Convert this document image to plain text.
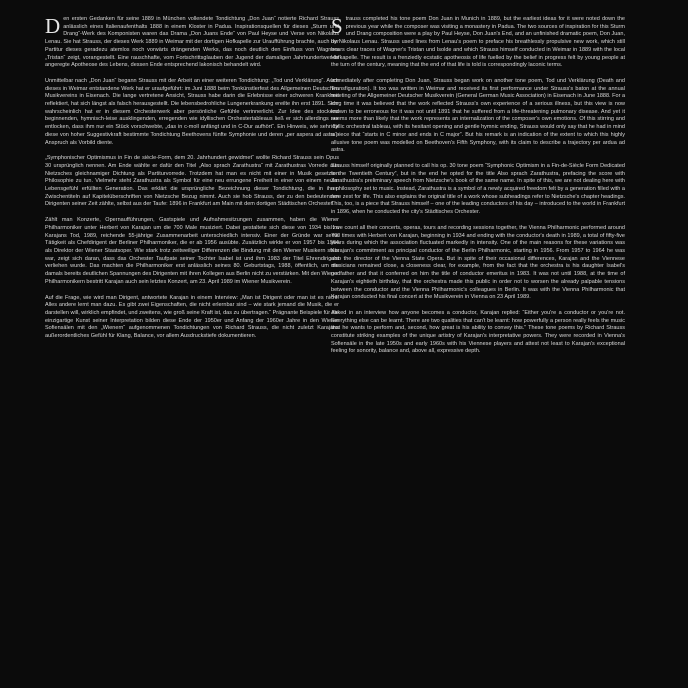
Den ersten Gedanken für seine 1889 in München vollendete Tondichtung „Don Juan“ notierte Richard Strauss anlässlich eines Italienaufenthalts 1888 in einem Kloster in Padua. Inspirationsquellen für dieses „Sturm und Drang“-Werk des Komponisten waren das Drama „Don Juans Ende“ von Paul Heyse und Verse von Nikolaus Lenau. Sie hat Strauss, der dieses Werk 1889 in Weimar mit der dortigen Hofkapelle zur Uraufführung brachte, auch der Partitur dieses geradezu atemlos noch vorwärts drängenden Werks, das noch deutlich den Einfluss von Wagners „Tristan“ zeigt, vorangestellt. Eine rauschhafte, vom Fortschrittsglauben der Jugend der damaligen Jahrhundertwende angeregte Apotheose des Lebens, dessen Ende entsprechend lakonisch behandelt wird.

Unmittelbar nach „Don Juan“ begann Strauss mit der Arbeit an einer weiteren Tondichtung: „Tod und Verklärung“. Auch dieses in Weimar entstandene Werk hat er uraufgeführt: im Juni 1888 beim Tonkünstlerfest des Allgemeinen Deutschen Musikvereins in Eisenach. Die lange vertretene Ansicht, Strauss habe darin die Erlebnisse einer schweren Krankheit reflektiert, hat sich längst als falsch herausgestellt. Die lebensbedrohliche Lungenerkrankung ereilte ihn erst 1891. Sehr wahrscheinlich hat er in diesem Orchesterwerk aber persönliche Gefühle verinnerlicht. Zur Idee des stockend beginnenden, hymnisch-leise ausklingenden, erregenden wie idyllischen Orchestertableaus ließ er sich allerdings nur entlocken, dass ihm nur ein Stück vorschwebte, „das in c-moll anfängt und in C-Dur aufhört“. Ein Hinweis, wie sehr für diese von hoher Suggestivkraft bestimmte Tondichtung Beethovens fünfte Symphonie und deren „per aspera ad astra“-Anspruch als Vorbild diente.

„Symphonischer Optimismus in Fin de siècle-Form, dem 20. Jahrhundert gewidmet“ wollte Richard Strauss sein Opus 30 ursprünglich nennen. Am Ende wählte er dafür den Titel „Also sprach Zarathustra“ mit Zarathustras Vorrede aus Nietzsches gleichnamiger Dichtung als Partiturvorrede. Trotzdem hat man es nicht mit einer in Musik gesetzten Philosophie zu tun. Vielmehr steht Zarathustra als Symbol für eine neu errungene Freiheit in einer von einem neuen Lebensgefühl erfüllten Generation. Das erklärt die ursprüngliche Bezeichnung dieser Tondichtung, die in ihren Zwischentiteln auf Kapitelüberschriften von Nietzsche Bezug nimmt. Auch sie hob Strauss, der zu den bedeutenden Dirigenten seiner Zeit zählte, selbst aus der Taufe: 1896 in Frankfurt am Main mit dem dortigen Städtischen Orchester.

Zählt man Konzerte, Opernaufführungen, Gastspiele und Aufnahmesitzungen zusammen, haben die Wiener Philharmoniker unter Herbert von Karajan um die 700 Male musiziert. Dabei gestaltete sich diese von 1934 bis zu Karajans Tod, 1989, reichende 55-jährige Zusammenarbeit unterschiedlich intensiv. Einer der Gründe war seine Tätigkeit als Chefdirigent der Berliner Philharmoniker, die er ab 1956 ausübte. Zusätzlich wirkte er von 1957 bis 1964 als Direktor der Wiener Staatsoper. Wie stark trotz zeitweiliger Differenzen die Bindung mit den Wiener Musikern stets war, zeigt sich daran, dass das Orchester Taufpate seiner Tochter Isabel ist und ihm 1983 der Titel Ehrendirigent verliehen wurde. Das machten die Philharmoniker erst anlässlich seines 80. Geburtstags, 1988, öffentlich, um die damals bereits deutlichen Spannungen des Dirigenten mit ihren Kollegen aus Berlin nicht zu verstärken. Mit den Wiener Philharmonikern bestritt Karajan auch sein letztes Konzert, am 23. April 1989 im Wiener Musikverein.

Auf die Frage, wie wird man Dirigent, antwortete Karajan in einem Interview: „Man ist Dirigent oder man ist es nicht. Alles andere lernt man dazu. Es gibt zwei Eigenschaften, die nicht erlernbar sind – wie stark jemand die Musik, die er darstellen will, wirklich empfindet, und zweitens, wie groß seine Kraft ist, das zu übertragen.“ Prägnante Beispiele für die einzigartige Kunst seiner Interpretation bilden diese Ende der 1950er und Anfang der 1960er Jahre in den Wiener Sofiensälen mit den „Wienern“ aufgenommenen Tondichtungen von Richard Strauss, die nicht zuletzt Karajans außerordentliches Gefühl für Klang, Balance, vor allem Ausdruckstiefe dokumentieren.

Strauss completed his tone poem Don Juan in Munich in 1889, but the earliest ideas for it were noted down the previous year while the composer was visiting a monastery in Padua. The two sources of inspiration for this Sturm und Drang composition were a play by Paul Heyse, Don Juan's End, and an unfinished dramatic poem, Don Juan, by Nikolaus Lenau. Strauss used lines from Lenau's poem to preface his breathlessly propulsive new work, which still bears clear traces of Wagner's Tristan und Isolde and which Strauss himself conducted in Weimar in 1889 with the local Hofkapelle. The result is a frenziedly ecstatic apotheosis of life fuelled by the belief in progress felt by young people at the turn of the century, meaning that the end of that life is told is correspondingly laconic terms.

Immediately after completing Don Juan, Strauss began work on another tone poem, Tod und Verklärung (Death and Transfiguration). It too was written in Weimar and received its first performance under Strauss's baton at the annual meeting of the Allgemeiner Deutscher Musikverein (General German Music Association) in Eisenach in June 1888. For a long time it was believed that the work reflected Strauss's own experience of a serious illness, but this view is now known to be erroneous for it was not until 1891 that he suffered from a life-threatening pulmonary disease. And yet it seems more than likely that the work represents an internalization of the composer's own emotions. Of this stirring and idyllic orchestral tableau, with its hesitant opening and gentle hymnic ending, Strauss would only say that he had in mind a piece that “starts in C minor and ends in C major”. But his remark is an indication of the extent to which this highly allusive tone poem was modelled on Beethoven's Fifth Symphony, with its claim to describe a trajectory per ardua ad astra.

Strauss himself originally planned to call his op. 30 tone poem “Symphonic Optimism in a Fin-de-Siècle Form Dedicated to the Twentieth Century”, but in the end he opted for the title Also sprach Zarathustra, prefacing the score with Zarathustra's preliminary speech from Nietzsche's book of the same name. In spite of this, we are not dealing here with a philosophy set to music. Instead, Zarathustra is a symbol of a newly acquired freedom felt by a generation filled with a new zest for life. This also explains the original title of a work whose subheadings refer to Nietzsche's chapter headings. This, too, is a piece that Strauss himself – one of the leading conductors of his day – introduced to the world in Frankfurt in 1896, when he conducted the city's Städtisches Orchester.

If we count all their concerts, operas, tours and recording sessions together, the Vienna Philharmonic performed around 700 times with Herbert von Karajan, beginning in 1934 and ending with the conductor's death in 1989, a total of fifty-five years during which the association fluctuated markedly in intensity. One of the main reasons for these variations was Karajan's commitment as principal conductor of the Berlin Philharmonic, starting in 1956. From 1957 to 1964 he was also the director of the Vienna State Opera. But in spite of their occasional differences, Karajan and the Viennese musicians remained close, a closeness clear, for example, from the fact that the orchestra is his daughter Isabel's godfather and that it conferred on him the title of conductor emeritus in 1983. It was not until 1988, at the time of Karajan's eightieth birthday, that the orchestra made this public in order not to worsen the already palpable tensions between the conductor and the Vienna Philharmonic's colleagues in Berlin. It was with the Vienna Philharmonic that Karajan conducted his final concert at the Musikverein in Vienna on 23 April 1989.

Asked in an interview how anyone becomes a conductor, Karajan replied: “Either you're a conductor or you're not. Everything else can be learnt. There are two qualities that can't be learnt: how powerfully a person really feels the music that he wants to perform and, second, how great is his ability to convey this.” These tone poems by Richard Strauss constitute striking examples of the unique artistry of Karajan's interpretative powers. They were recorded in Vienna's Sofiensäle in the late 1950s and early 1960s with his Viennese players and attest not least to Karajan's exceptional feeling for sonority, balance and, above all, expressive depth.
